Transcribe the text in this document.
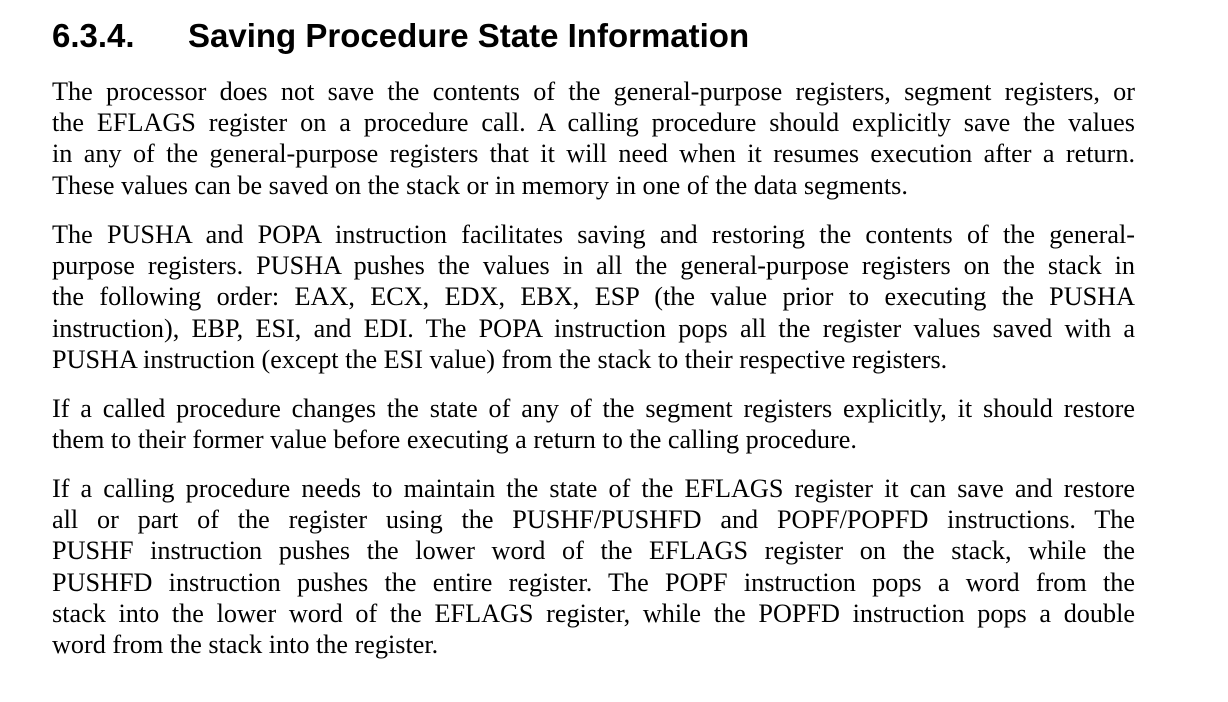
6.3.4. Saving Procedure State Information
The processor does not save the contents of the general-purpose registers, segment registers, or
the EFLAGS register on a procedure call. A calling procedure should explicitly save the values
in any of the general-purpose registers that it will need when it resumes execution after a return.
These values can be saved on the stack or in memory in one of the data segments.
The PUSHA and POPA instruction facilitates saving and restoring the contents of the general-
purpose registers. PUSHA pushes the values in all the general-purpose registers on the stack in
the following order: EAX, ECX, EDX, EBX, ESP (the value prior to executing the PUSHA
instruction), EBP, ESI, and EDI. The POPA instruction pops all the register values saved with a
PUSHA instruction (except the ESI value) from the stack to their respective registers.
If a called procedure changes the state of any of the segment registers explicitly, it should restore
them to their former value before executing a return to the calling procedure.
If a calling procedure needs to maintain the state of the EFLAGS register it can save and restore
all or part of the register using the PUSHF/PUSHFD and POPF/POPFD instructions. The
PUSHF instruction pushes the lower word of the EFLAGS register on the stack, while the
PUSHFD instruction pushes the entire register. The POPF instruction pops a word from the
stack into the lower word of the EFLAGS register, while the POPFD instruction pops a double
word from the stack into the register.
